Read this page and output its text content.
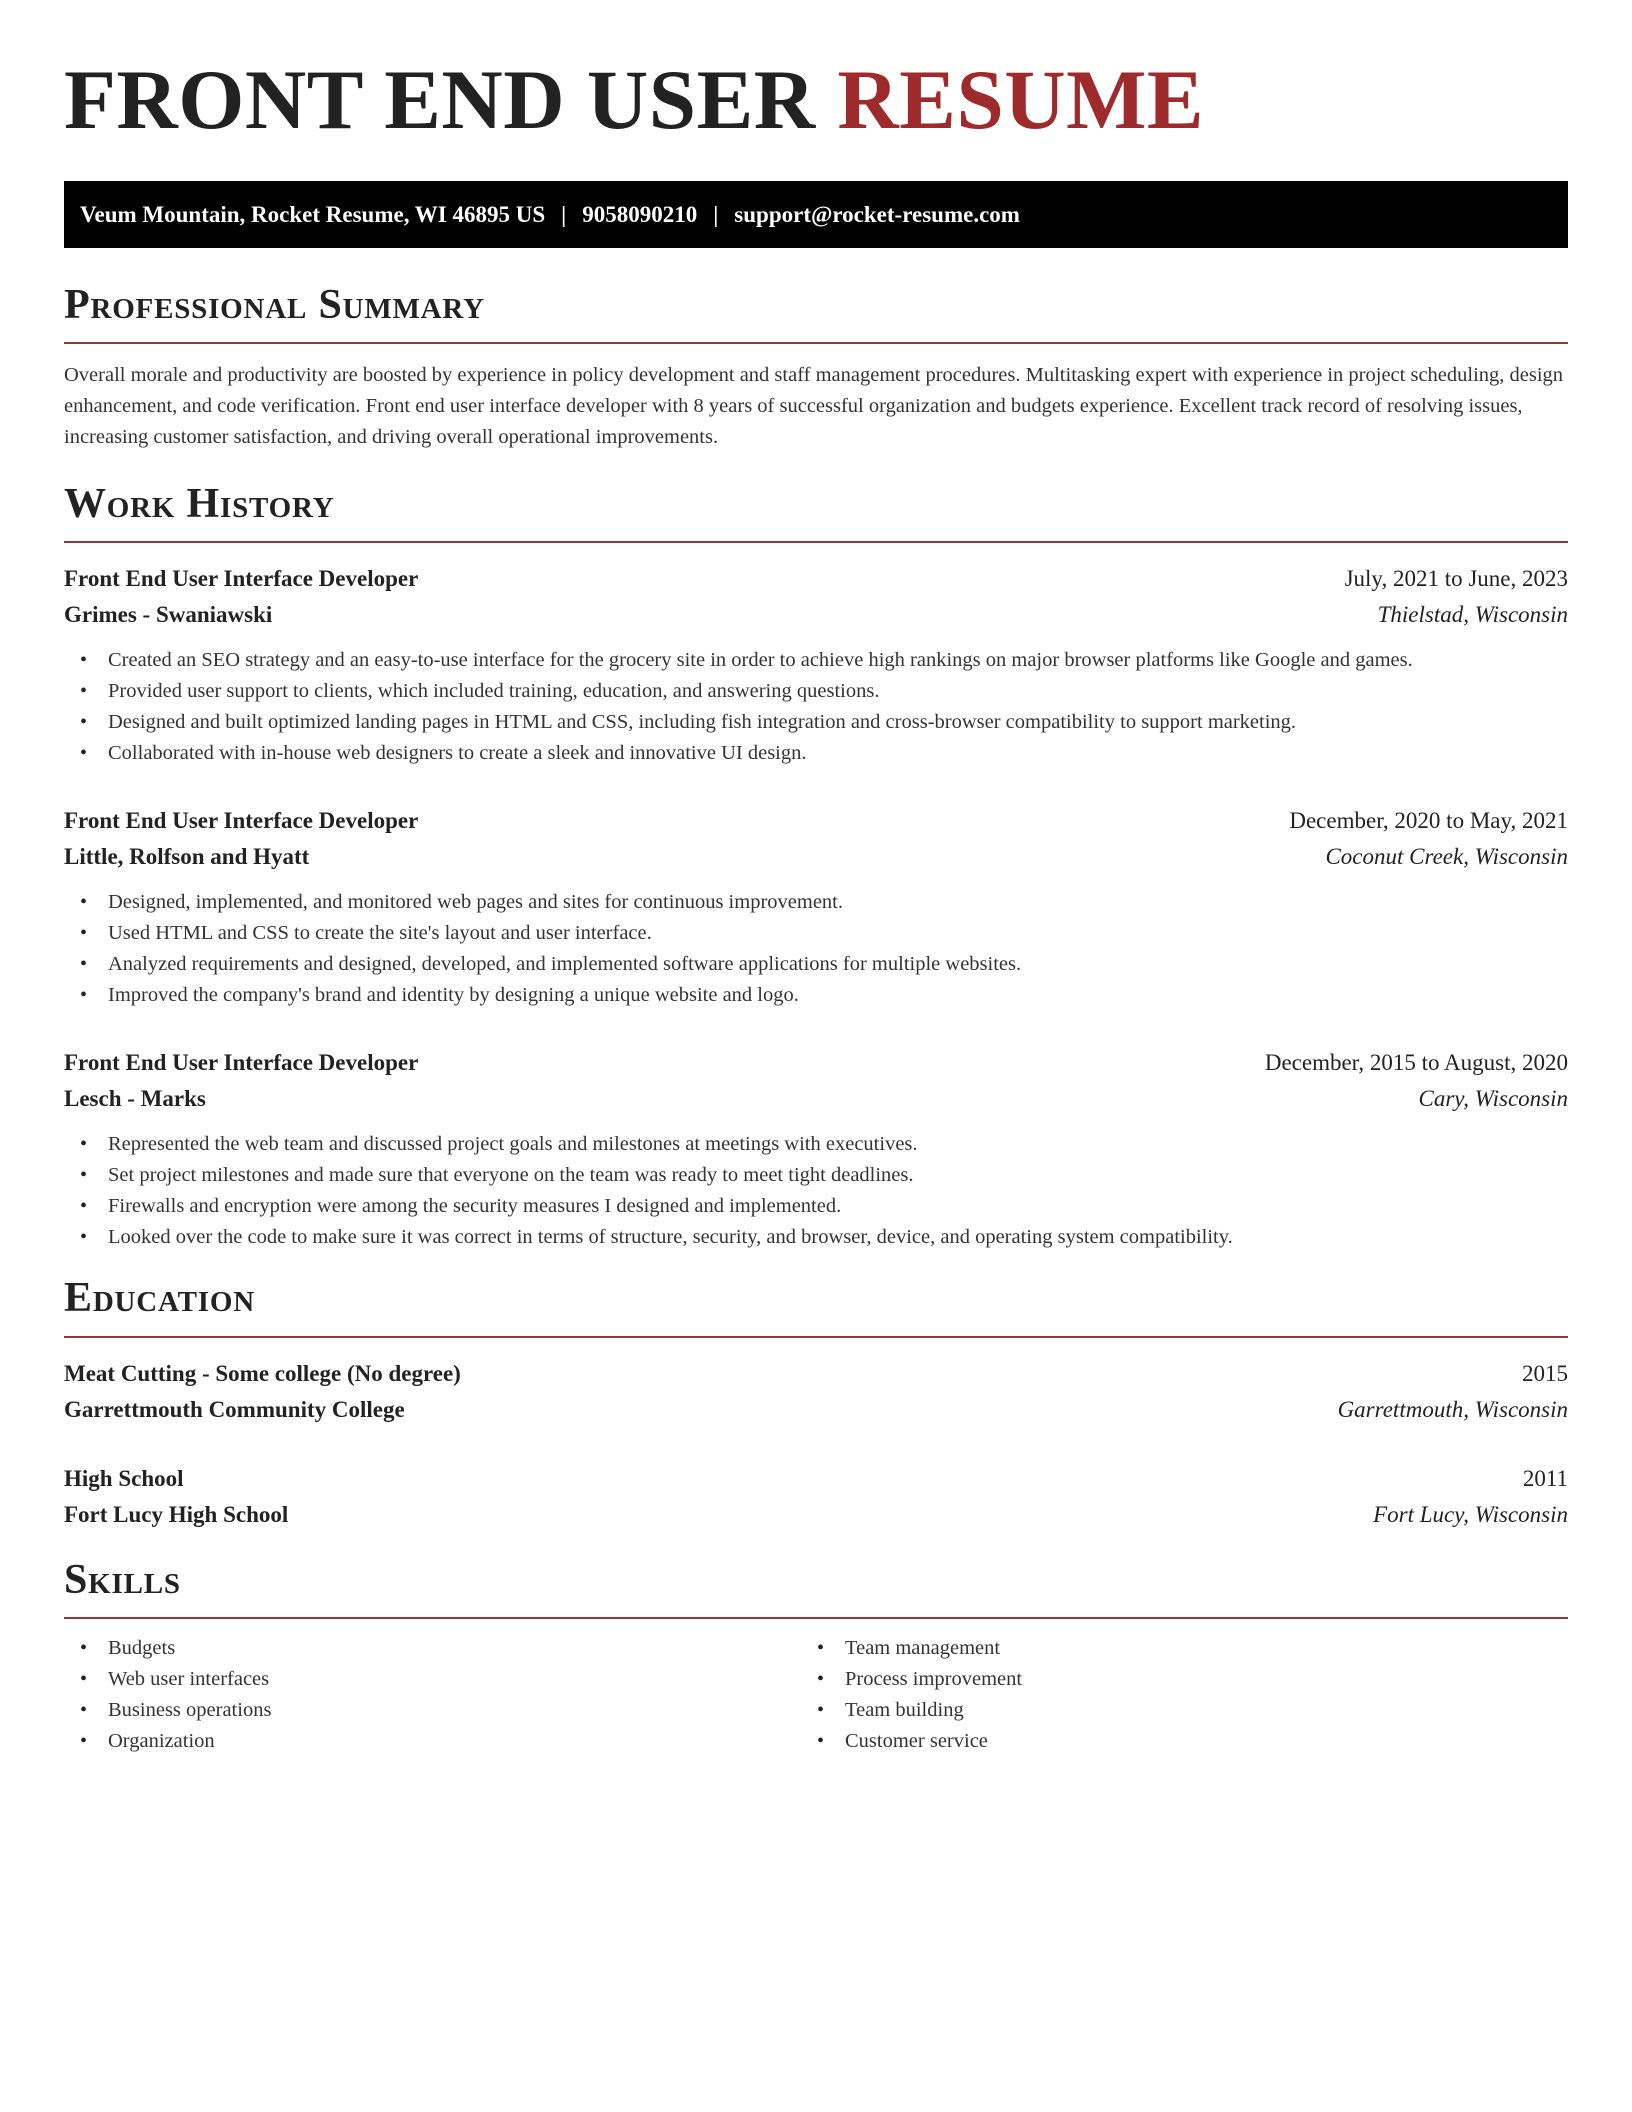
FRONT END USER RESUME
Veum Mountain, Rocket Resume, WI 46895 US | 9058090210 | support@rocket-resume.com
Professional Summary

Overall morale and productivity are boosted by experience in policy development and staff management procedures. Multitasking expert with experience in project scheduling, design enhancement, and code verification. Front end user interface developer with 8 years of successful organization and budgets experience. Excellent track record of resolving issues, increasing customer satisfaction, and driving overall operational improvements.

Work History
Front End User Interface Developer	July, 2021 to June, 2023
Grimes - Swaniawski	Thielstad, Wisconsin
• Created an SEO strategy and an easy-to-use interface for the grocery site in order to achieve high rankings on major browser platforms like Google and games.
• Provided user support to clients, which included training, education, and answering questions.
• Designed and built optimized landing pages in HTML and CSS, including fish integration and cross-browser compatibility to support marketing.
• Collaborated with in-house web designers to create a sleek and innovative UI design.
Front End User Interface Developer	December, 2020 to May, 2021
Little, Rolfson and Hyatt	Coconut Creek, Wisconsin
• Designed, implemented, and monitored web pages and sites for continuous improvement.
• Used HTML and CSS to create the site's layout and user interface.
• Analyzed requirements and designed, developed, and implemented software applications for multiple websites.
• Improved the company's brand and identity by designing a unique website and logo.
Front End User Interface Developer	December, 2015 to August, 2020
Lesch - Marks	Cary, Wisconsin
• Represented the web team and discussed project goals and milestones at meetings with executives.
• Set project milestones and made sure that everyone on the team was ready to meet tight deadlines.
• Firewalls and encryption were among the security measures I designed and implemented.
• Looked over the code to make sure it was correct in terms of structure, security, and browser, device, and operating system compatibility.
Education
Meat Cutting - Some college (No degree)	2015
Garrettmouth Community College	Garrettmouth, Wisconsin
High School	2011
Fort Lucy High School	Fort Lucy, Wisconsin
Skills
• Budgets
• Web user interfaces
• Business operations
• Organization
• Team management
• Process improvement
• Team building
• Customer service
